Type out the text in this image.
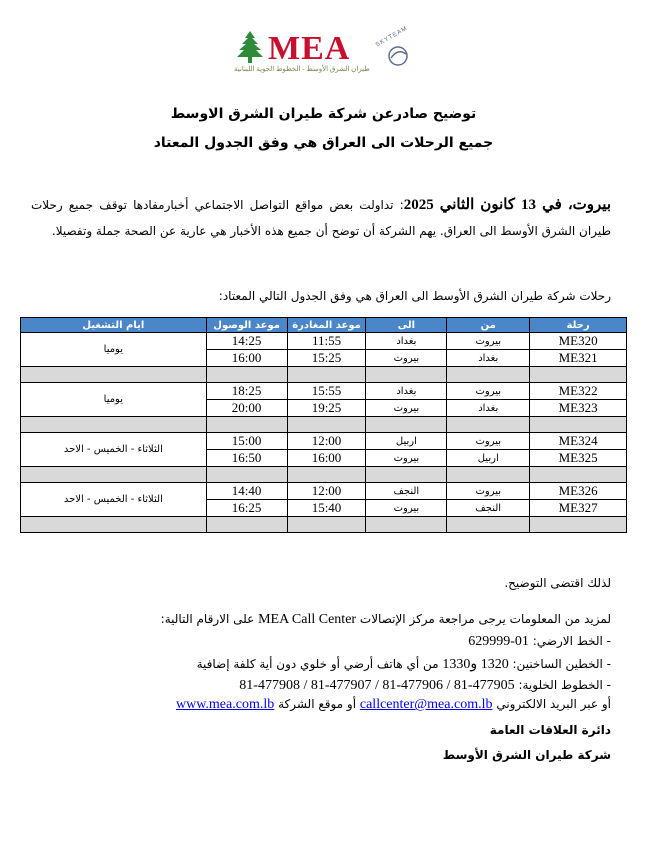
MEA
طيران الشرق الأوسط - الخطوط الجوية اللبنانية
SKYTEAM
توضيح صادرعن شركة طيران الشرق الاوسط
جميع الرحلات الى العراق هي وفق الجدول المعتاد
بيروت، في 13 كانون الثاني 2025: تداولت بعض مواقع التواصل الاجتماعي أخبارمفادها توقف جميع رحلات طيران الشرق الأوسط الى العراق. يهم الشركة أن توضح أن جميع هذه الأخبار هي عارية عن الصحة جملة وتفصيلا.
رحلات شركة طيران الشرق الأوسط الى العراق هي وفق الجدول التالي المعتاد:
رحلة	من	الى	موعد المغادرة	موعد الوصول	ايام التشغيل
ME320	بيروت	بغداد	11:55	14:25	يوميا
ME321	بغداد	بيروت	15:25	16:00	

ME322	بيروت	بغداد	15:55	18:25	يوميا
ME323	بغداد	بيروت	19:25	20:00	

ME324	بيروت	اربيل	12:00	15:00	الثلاثاء - الخميس - الاحد
ME325	اربيل	بيروت	16:00	16:50	

ME326	بيروت	النجف	12:00	14:40	الثلاثاء - الخميس - الاحد
ME327	النجف	بيروت	15:40	16:25	

لذلك اقتضى التوضيح.
لمزيد من المعلومات يرجى مراجعة مركز الإتصالات MEA Call Center على الارقام التالية:
- الخط الارضي: 01-629999
- الخطين الساخنين: 1320 و1330 من أي هاتف أرضي أو خلوي دون أية كلفة إضافية
- الخطوط الخلوية: 81-477908 / 81-477907 / 81-477906 / 81-477905
أو عبر البريد الالكتروني callcenter@mea.com.lb أو موقع الشركة www.mea.com.lb
دائرة العلاقات العامة
شركة طيران الشرق الأوسط
